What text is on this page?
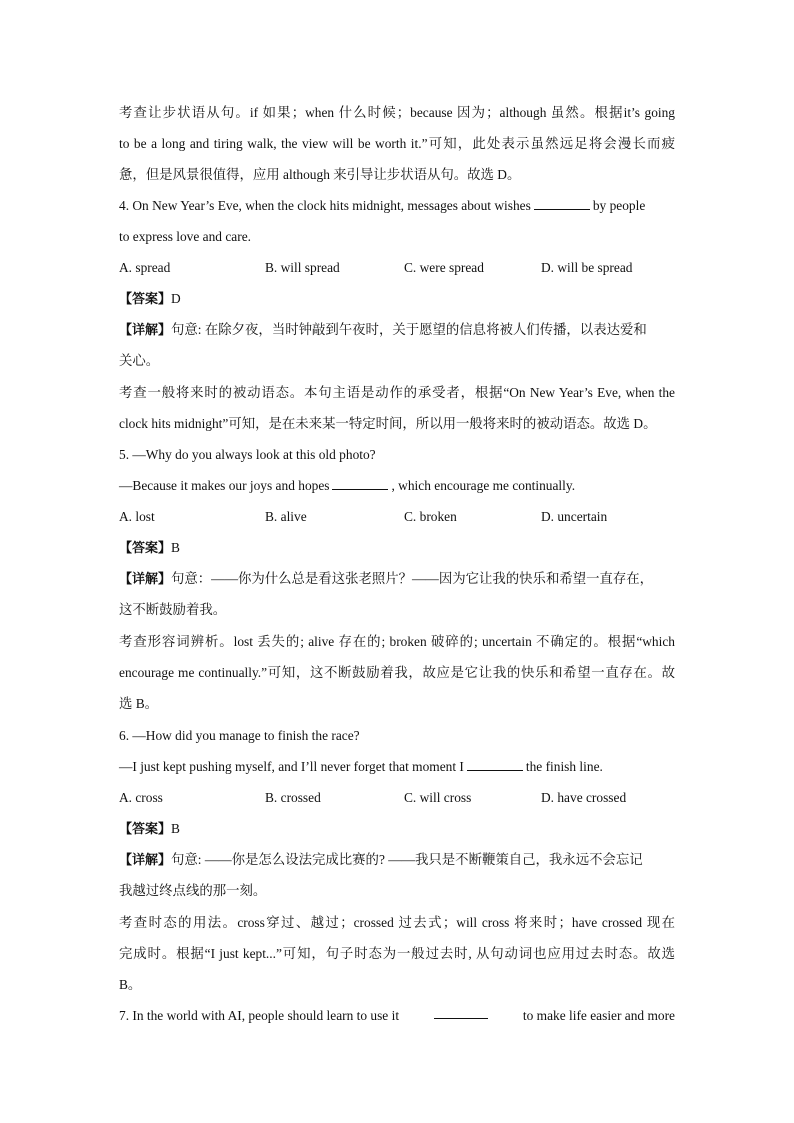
考查让步状语从句。if 如果；when 什么时候；because 因为；although 虽然。根据it’s going
to be a long and tiring walk, the view will be worth it.”可知，此处表示虽然远足将会漫长而疲
惫，但是风景很值得，应用 although 来引导让步状语从句。故选 D。
4. On New Year’s Eve, when the clock hits midnight, messages about wishes	by people
to express love and care.
A. spread	B. will spread	C. were spread	D. will be spread
【答案】D
【详解】句意: 在除夕夜，当时钟敲到午夜时，关于愿望的信息将被人们传播，以表达爱和
关心。
考查一般将来时的被动语态。本句主语是动作的承受者，根据“On New Year’s Eve, when the
clock hits midnight”可知，是在未来某一特定时间，所以用一般将来时的被动语态。故选 D。
5. —Why do you always look at this old photo?
—Because it makes our joys and hopes	, which encourage me continually.
A. lost	B. alive	C. broken	D. uncertain
【答案】B
【详解】句意：——你为什么总是看这张老照片？——因为它让我的快乐和希望一直存在，
这不断鼓励着我。
考查形容词辨析。lost 丢失的; alive 存在的; broken 破碎的; uncertain 不确定的。根据“which
encourage me continually.”可知，这不断鼓励着我，故应是它让我的快乐和希望一直存在。故
选 B。
6. —How did you manage to finish the race?
—I just kept pushing myself, and I’ll never forget that moment I	the finish line.
A. cross	B. crossed	C. will cross	D. have crossed
【答案】B
【详解】句意: ——你是怎么设法完成比赛的? ——我只是不断鞭策自己，我永远不会忘记
我越过终点线的那一刻。
考查时态的用法。cross穿过、越过；crossed 过去式；will cross 将来时；have crossed 现在
完成时。根据“I just kept...”可知，句子时态为一般过去时, 从句动词也应用过去时态。故选
B。
7. In the world with AI, people should learn to use it	to make life easier and more
